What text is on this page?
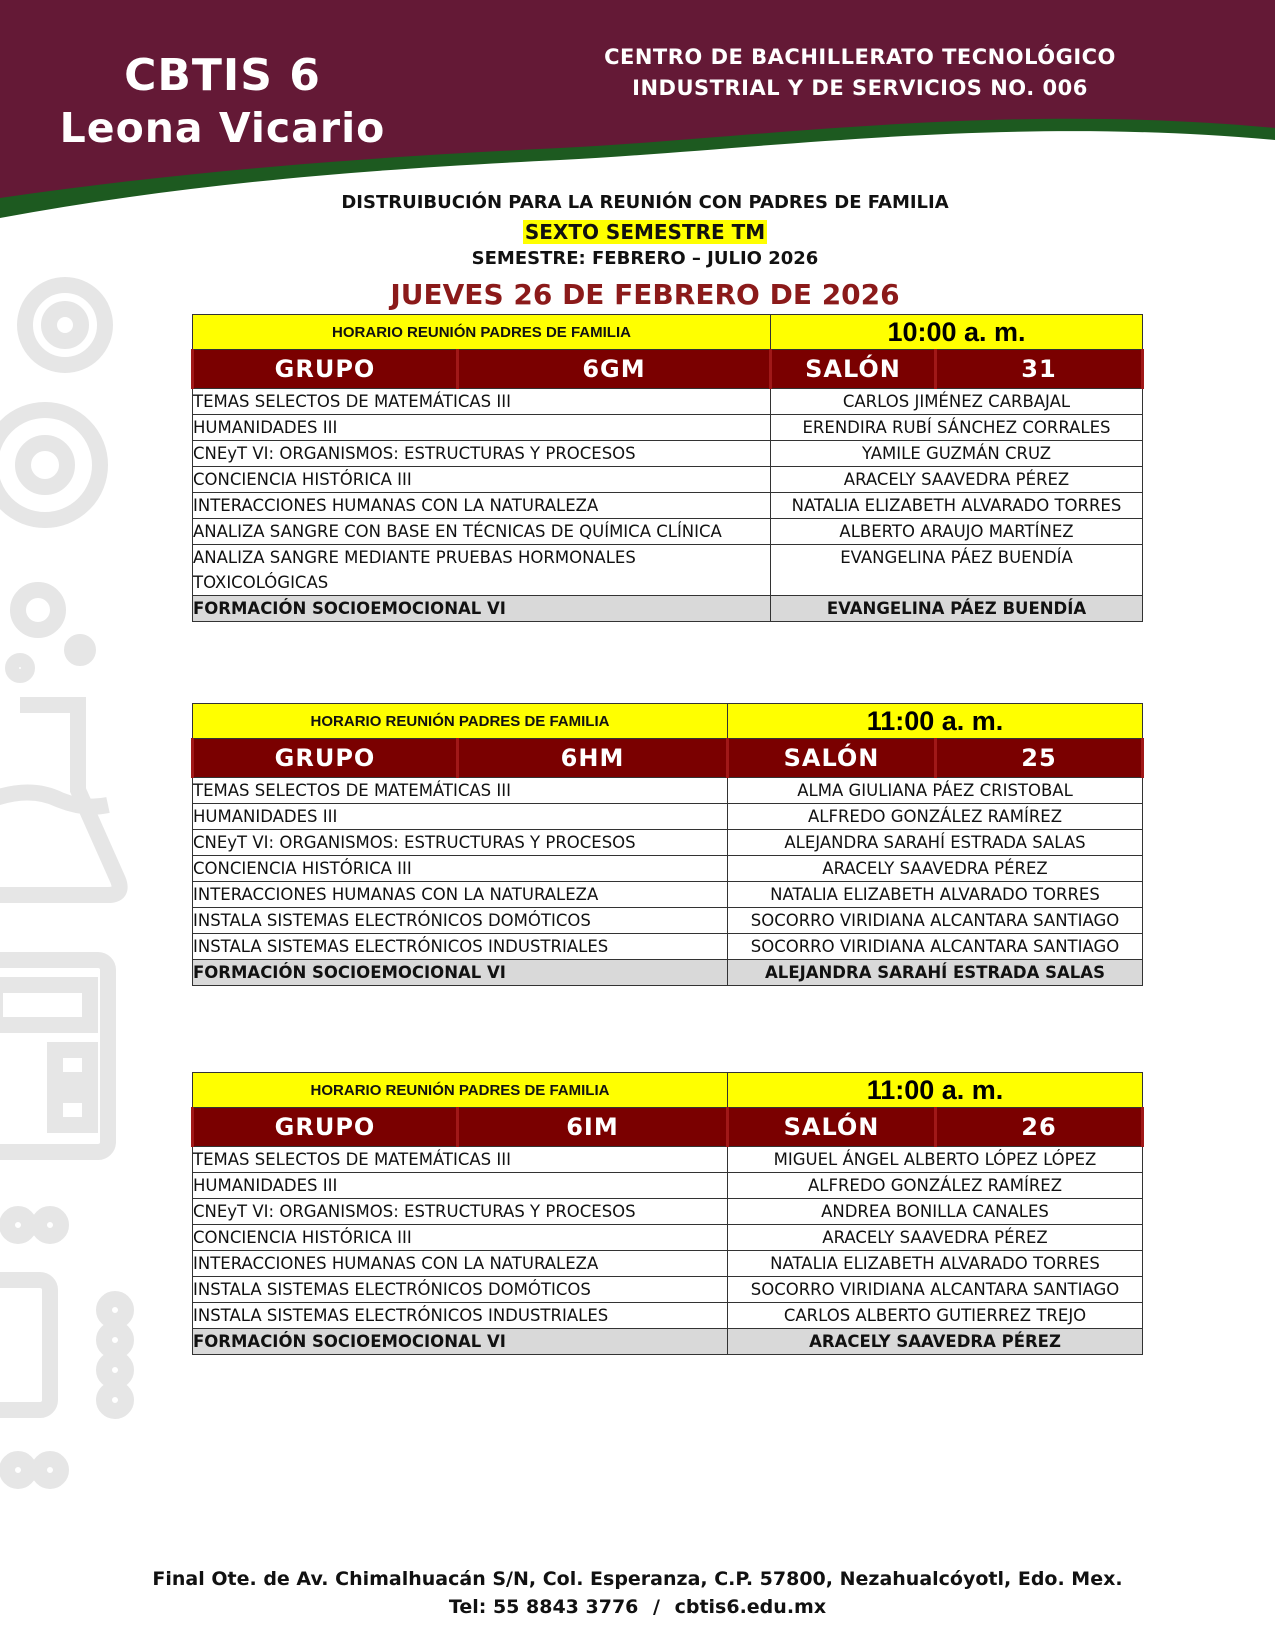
CBTIS 6
Leona Vicario
CENTRO DE BACHILLERATO TECNOLÓGICO
INDUSTRIAL Y DE SERVICIOS NO. 006
DISTRUIBUCIÓN PARA LA REUNIÓN CON PADRES DE FAMILIA
SEXTO SEMESTRE TM
SEMESTRE: FEBRERO – JULIO 2026
JUEVES 26 DE FEBRERO DE 2026
HORARIO REUNIÓN PADRES DE FAMILIA		10:00 a. m.	
GRUPO	6GM	SALÓN	31
TEMAS SELECTOS DE MATEMÁTICAS III		CARLOS JIMÉNEZ CARBAJAL	
HUMANIDADES III		ERENDIRA RUBÍ SÁNCHEZ CORRALES	
CNEyT VI: ORGANISMOS: ESTRUCTURAS Y PROCESOS		YAMILE GUZMÁN CRUZ	
CONCIENCIA HISTÓRICA III		ARACELY SAAVEDRA PÉREZ	
INTERACCIONES HUMANAS CON LA NATURALEZA		NATALIA ELIZABETH ALVARADO TORRES	
ANALIZA SANGRE CON BASE EN TÉCNICAS DE QUÍMICA CLÍNICA		ALBERTO ARAUJO MARTÍNEZ	
ANALIZA SANGRE MEDIANTE PRUEBAS HORMONALES TOXICOLÓGICAS		EVANGELINA PÁEZ BUENDÍA	
FORMACIÓN SOCIOEMOCIONAL VI		EVANGELINA PÁEZ BUENDÍA	
HORARIO REUNIÓN PADRES DE FAMILIA		11:00 a. m.	
GRUPO	6HM	SALÓN	25
TEMAS SELECTOS DE MATEMÁTICAS III		ALMA GIULIANA PÁEZ CRISTOBAL	
HUMANIDADES III		ALFREDO GONZÁLEZ RAMÍREZ	
CNEyT VI: ORGANISMOS: ESTRUCTURAS Y PROCESOS		ALEJANDRA SARAHÍ ESTRADA SALAS	
CONCIENCIA HISTÓRICA III		ARACELY SAAVEDRA PÉREZ	
INTERACCIONES HUMANAS CON LA NATURALEZA		NATALIA ELIZABETH ALVARADO TORRES	
INSTALA SISTEMAS ELECTRÓNICOS DOMÓTICOS		SOCORRO VIRIDIANA ALCANTARA SANTIAGO	
INSTALA SISTEMAS ELECTRÓNICOS INDUSTRIALES		SOCORRO VIRIDIANA ALCANTARA SANTIAGO	
FORMACIÓN SOCIOEMOCIONAL VI		ALEJANDRA SARAHÍ ESTRADA SALAS	
HORARIO REUNIÓN PADRES DE FAMILIA		11:00 a. m.	
GRUPO	6IM	SALÓN	26
TEMAS SELECTOS DE MATEMÁTICAS III		MIGUEL ÁNGEL ALBERTO LÓPEZ LÓPEZ	
HUMANIDADES III		ALFREDO GONZÁLEZ RAMÍREZ	
CNEyT VI: ORGANISMOS: ESTRUCTURAS Y PROCESOS		ANDREA BONILLA CANALES	
CONCIENCIA HISTÓRICA III		ARACELY SAAVEDRA PÉREZ	
INTERACCIONES HUMANAS CON LA NATURALEZA		NATALIA ELIZABETH ALVARADO TORRES	
INSTALA SISTEMAS ELECTRÓNICOS DOMÓTICOS		SOCORRO VIRIDIANA ALCANTARA SANTIAGO	
INSTALA SISTEMAS ELECTRÓNICOS INDUSTRIALES		CARLOS ALBERTO GUTIERREZ TREJO	
FORMACIÓN SOCIOEMOCIONAL VI		ARACELY SAAVEDRA PÉREZ	
Final Ote. de Av. Chimalhuacán S/N, Col. Esperanza, C.P. 57800, Nezahualcóyotl, Edo. Mex.
Tel: 55 8843 3776 / cbtis6.edu.mx
